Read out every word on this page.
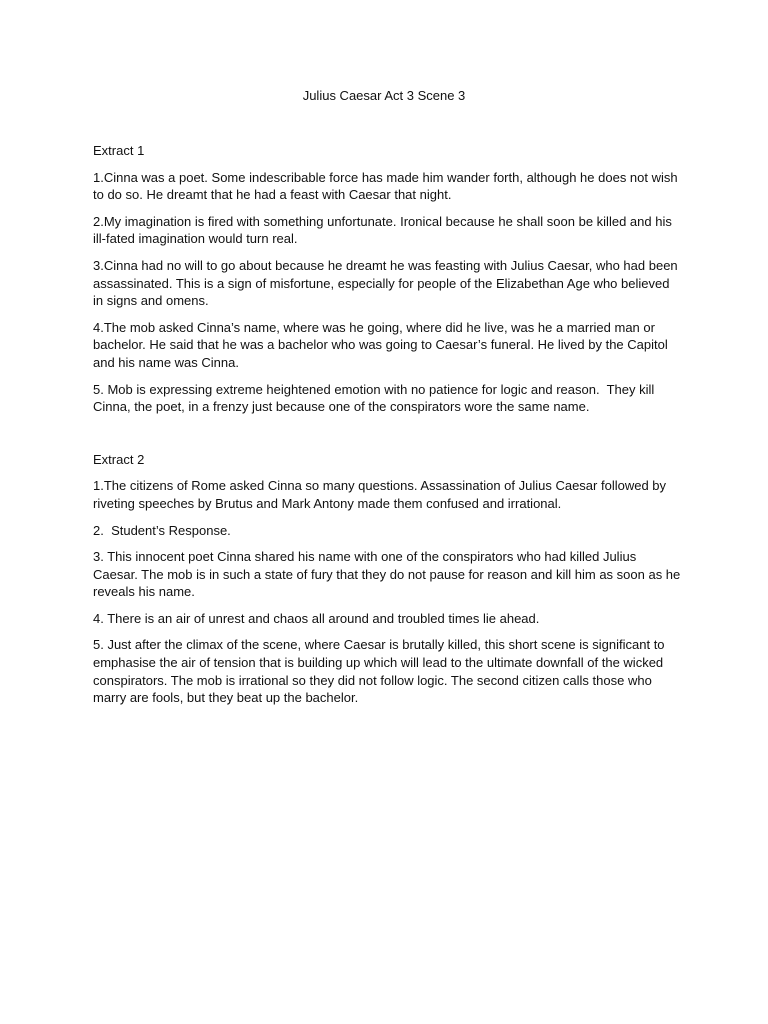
Julius Caesar Act 3 Scene 3

Extract 1

1.Cinna was a poet. Some indescribable force has made him wander forth, although he does not wish to do so. He dreamt that he had a feast with Caesar that night.

2.My imagination is fired with something unfortunate. Ironical because he shall soon be killed and his ill-fated imagination would turn real.

3.Cinna had no will to go about because he dreamt he was feasting with Julius Caesar, who had been assassinated. This is a sign of misfortune, especially for people of the Elizabethan Age who believed in signs and omens.

4.The mob asked Cinna’s name, where was he going, where did he live, was he a married man or bachelor. He said that he was a bachelor who was going to Caesar’s funeral. He lived by the Capitol and his name was Cinna.

5. Mob is expressing extreme heightened emotion with no patience for logic and reason.  They kill Cinna, the poet, in a frenzy just because one of the conspirators wore the same name.

Extract 2

1.The citizens of Rome asked Cinna so many questions. Assassination of Julius Caesar followed by riveting speeches by Brutus and Mark Antony made them confused and irrational.

2.  Student’s Response.

3. This innocent poet Cinna shared his name with one of the conspirators who had killed Julius Caesar. The mob is in such a state of fury that they do not pause for reason and kill him as soon as he reveals his name.

4. There is an air of unrest and chaos all around and troubled times lie ahead.

5. Just after the climax of the scene, where Caesar is brutally killed, this short scene is significant to emphasise the air of tension that is building up which will lead to the ultimate downfall of the wicked conspirators. The mob is irrational so they did not follow logic. The second citizen calls those who marry are fools, but they beat up the bachelor.
